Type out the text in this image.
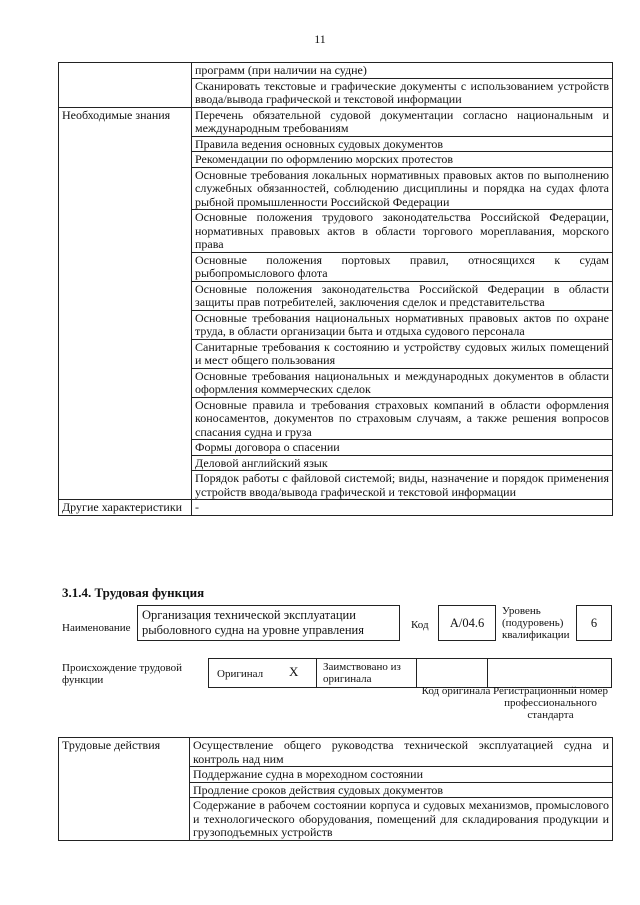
11
	программ (при наличии на судне)
	Сканировать текстовые и графические документы с использованием устройств ввода/вывода графической и текстовой информации
Необходимые знания	Перечень обязательной судовой документации согласно национальным и международным требованиям
	Правила ведения основных судовых документов
	Рекомендации по оформлению морских протестов
	Основные требования локальных нормативных правовых актов по выполнению служебных обязанностей, соблюдению дисциплины и порядка на судах флота рыбной промышленности Российской Федерации
	Основные положения трудового законодательства Российской Федерации, нормативных правовых актов в области торгового мореплавания, морского права
	Основные положения портовых правил, относящихся к судам рыбопромыслового флота
	Основные положения законодательства Российской Федерации в области защиты прав потребителей, заключения сделок и представительства
	Основные требования национальных нормативных правовых актов по охране труда, в области организации быта и отдыха судового персонала
	Санитарные требования к состоянию и устройству судовых жилых помещений и мест общего пользования
	Основные требования национальных и международных документов в области оформления коммерческих сделок
	Основные правила и требования страховых компаний в области оформления коносаментов, документов по страховым случаям, а также решения вопросов спасания судна и груза
	Формы договора о спасении
	Деловой английский язык
	Порядок работы с файловой системой; виды, назначение и порядок применения устройств ввода/вывода графической и текстовой информации
Другие характеристики	-
3.1.4. Трудовая функция
Наименование
Организация технической эксплуатации рыболовного судна на уровне управления	Код	А/04.6
Уровень (подуровень) квалификации
6
Происхождение трудовой функции	Оригинал X	Заимствовано из оригинала
Код оригинала Регистрационный номер профессионального стандарта
Трудовые действия	Осуществление общего руководства технической эксплуатацией судна и контроль над ним
Поддержание судна в мореходном состоянии
Продление сроков действия судовых документов
Содержание в рабочем состоянии корпуса и судовых механизмов, промыслового и технологического оборудования, помещений для складирования продукции и грузоподъемных устройств
